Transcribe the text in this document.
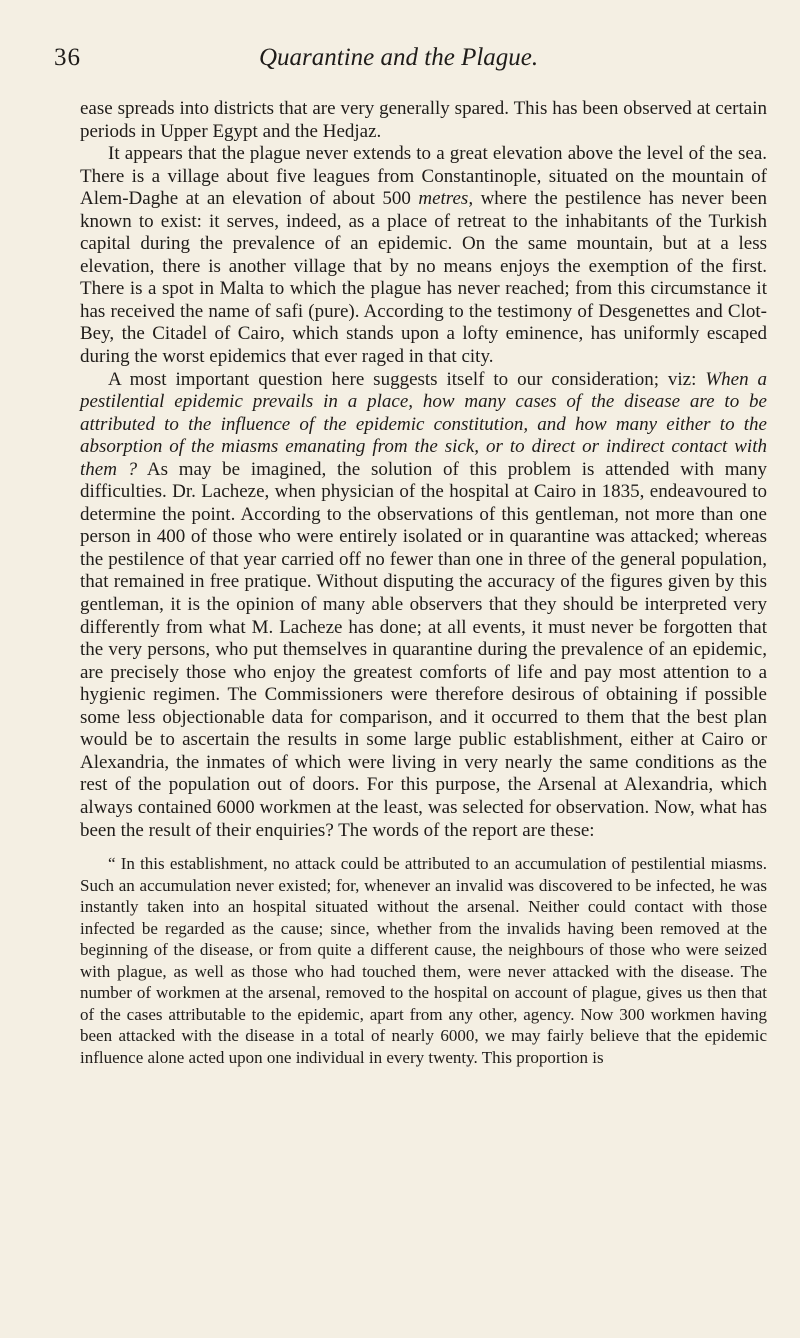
36	Quarantine and the Plague.

ease spreads into districts that are very generally spared. This has been observed at certain periods in Upper Egypt and the Hedjaz.

It appears that the plague never extends to a great elevation above the level of the sea. There is a village about five leagues from Constantinople, situated on the mountain of Alem-Daghe at an elevation of about 500 metres, where the pestilence has never been known to exist: it serves, indeed, as a place of retreat to the inhabitants of the Turkish capital during the prevalence of an epidemic. On the same mountain, but at a less elevation, there is another village that by no means enjoys the exemption of the first. There is a spot in Malta to which the plague has never reached; from this circumstance it has received the name of safi (pure). According to the testimony of Desgenettes and Clot-Bey, the Citadel of Cairo, which stands upon a lofty eminence, has uniformly escaped during the worst epidemics that ever raged in that city.

A most important question here suggests itself to our consideration; viz: When a pestilential epidemic prevails in a place, how many cases of the disease are to be attributed to the influence of the epidemic constitution, and how many either to the absorption of the miasms emanating from the sick, or to direct or indirect contact with them ? As may be imagined, the solution of this problem is attended with many difficulties. Dr. Lacheze, when physician of the hospital at Cairo in 1835, endeavoured to determine the point. According to the observations of this gentleman, not more than one person in 400 of those who were entirely isolated or in quarantine was attacked; whereas the pestilence of that year carried off no fewer than one in three of the general population, that remained in free pratique. Without disputing the accuracy of the figures given by this gentleman, it is the opinion of many able observers that they should be interpreted very differently from what M. Lacheze has done; at all events, it must never be forgotten that the very persons, who put themselves in quarantine during the prevalence of an epidemic, are precisely those who enjoy the greatest comforts of life and pay most attention to a hygienic regimen. The Commissioners were therefore desirous of obtaining if possible some less objectionable data for comparison, and it occurred to them that the best plan would be to ascertain the results in some large public establishment, either at Cairo or Alexandria, the inmates of which were living in very nearly the same conditions as the rest of the population out of doors. For this purpose, the Arsenal at Alexandria, which always contained 6000 workmen at the least, was selected for observation. Now, what has been the result of their enquiries? The words of the report are these:

“ In this establishment, no attack could be attributed to an accumulation of pestilential miasms. Such an accumulation never existed; for, whenever an invalid was discovered to be infected, he was instantly taken into an hospital situated without the arsenal. Neither could contact with those infected be regarded as the cause; since, whether from the invalids having been removed at the beginning of the disease, or from quite a different cause, the neighbours of those who were seized with plague, as well as those who had touched them, were never attacked with the disease. The number of workmen at the arsenal, removed to the hospital on account of plague, gives us then that of the cases attributable to the epidemic, apart from any other, agency. Now 300 workmen having been attacked with the disease in a total of nearly 6000, we may fairly believe that the epidemic influence alone acted upon one individual in every twenty. This proportion is
